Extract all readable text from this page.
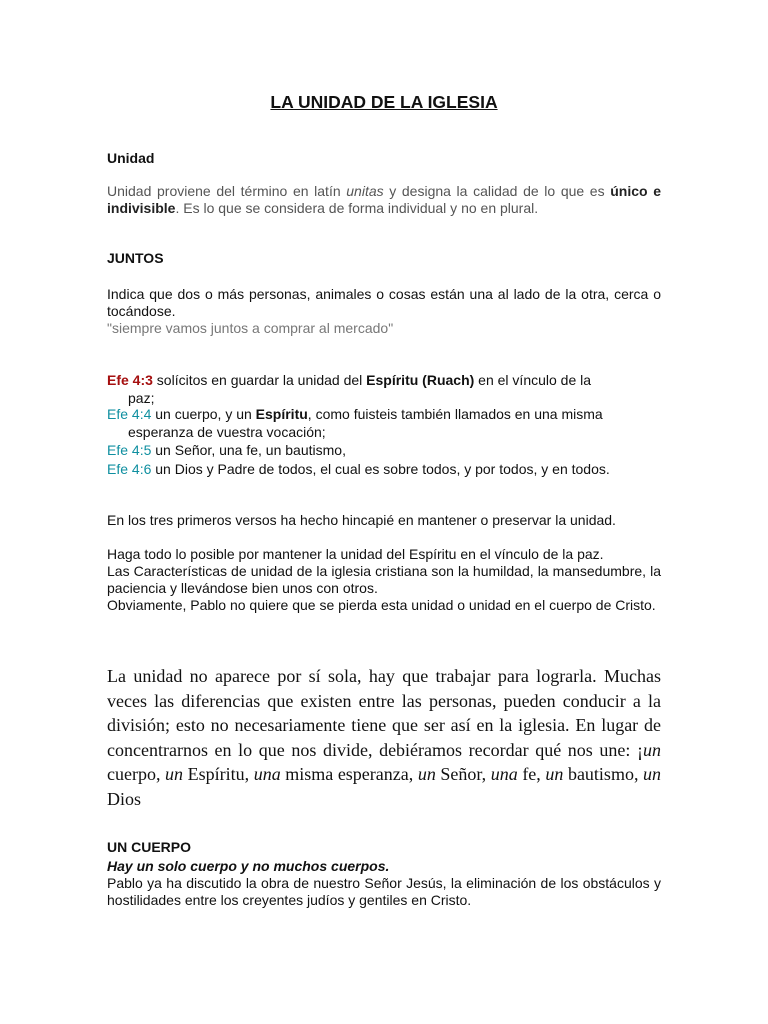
LA UNIDAD DE LA IGLESIA
Unidad
Unidad proviene del término en latín unitas y designa la calidad de lo que es único e indivisible. Es lo que se considera de forma individual y no en plural.
JUNTOS
Indica que dos o más personas, animales o cosas están una al lado de la otra, cerca o tocándose.
"siempre vamos juntos a comprar al mercado"
Efe 4:3 solícitos en guardar la unidad del Espíritu (Ruach) en el vínculo de la
paz;
Efe 4:4 un cuerpo, y un Espíritu, como fuisteis también llamados en una misma
esperanza de vuestra vocación;
Efe 4:5 un Señor, una fe, un bautismo,
Efe 4:6 un Dios y Padre de todos, el cual es sobre todos, y por todos, y en todos.
En los tres primeros versos ha hecho hincapié en mantener o preservar la unidad.
Haga todo lo posible por mantener la unidad del Espíritu en el vínculo de la paz.
Las Características de unidad de la iglesia cristiana son la humildad, la mansedumbre, la paciencia y llevándose bien unos con otros.
Obviamente, Pablo no quiere que se pierda esta unidad o unidad en el cuerpo de Cristo.
La unidad no aparece por sí sola, hay que trabajar para lograrla. Muchas veces las diferencias que existen entre las personas, pueden conducir a la división; esto no necesariamente tiene que ser así en la iglesia. En lugar de concentrarnos en lo que nos divide, debiéramos recordar qué nos une: ¡un cuerpo, un Espíritu, una misma esperanza, un Señor, una fe, un bautismo, un Dios
UN CUERPO
Hay un solo cuerpo y no muchos cuerpos.
Pablo ya ha discutido la obra de nuestro Señor Jesús, la eliminación de los obstáculos y hostilidades entre los creyentes judíos y gentiles en Cristo.
